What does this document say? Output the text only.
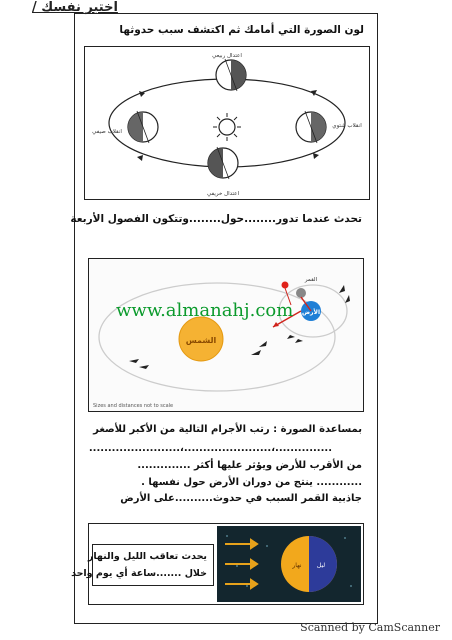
اختبر نفسك /
لون الصورة التي أمامك ثم اكتشف سبب حدوثها
اعتدال ربيعي
انقلاب شتوي
انقلاب صيفي
اعتدال خريفي
تحدث عندما تدور........حول........وتتكون الفصول الأربعة
الشمس
الأرض
القمر
Sizes and distances not to scale
www.almanahj.com
بمساعدة الصورة : رتب الأجرام التالية من الأكبر للأصغر
........................،.......................،...............
من الأقرب للأرض ويؤثر عليها أكثر ..............
............ ينتج من دوران الأرض حول نفسها .
جاذبية القمر السبب في حدوث..........على الأرض
يحدث تعاقب الليل والنهار
خلال .......ساعة أي يوم واحد
نهار	ليل
Scanned by CamScanner
